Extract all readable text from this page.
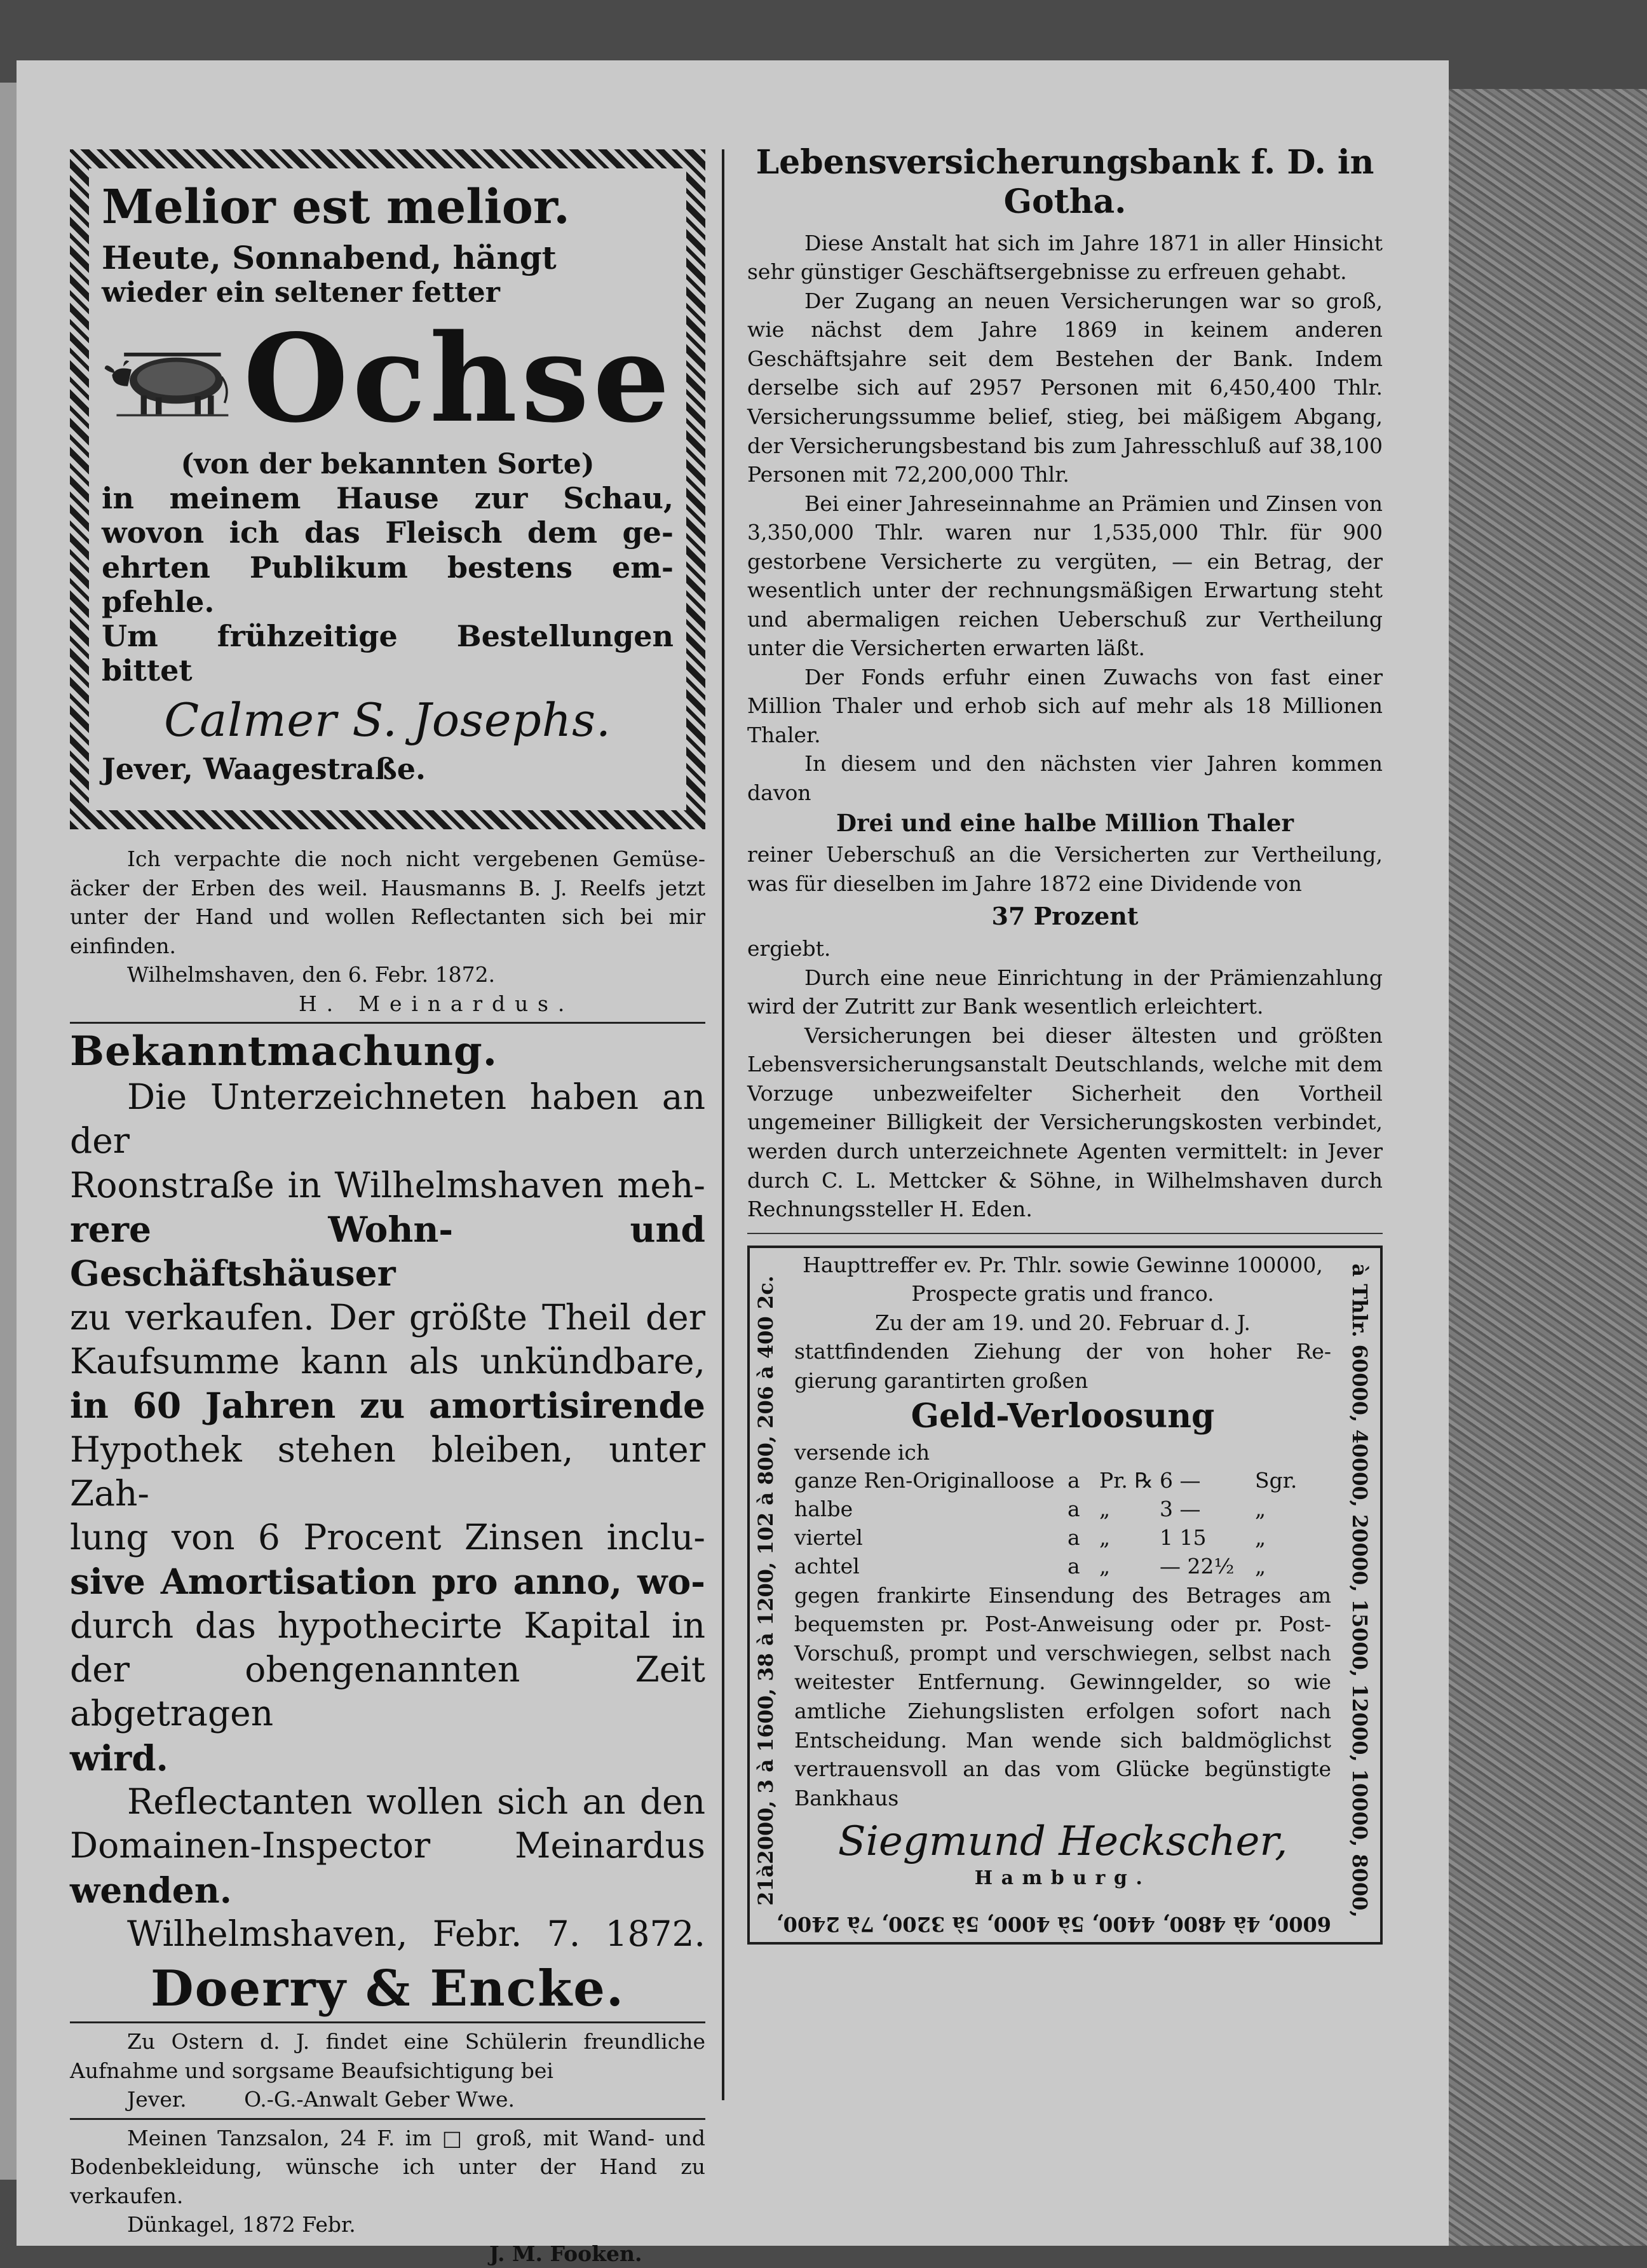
Melior est melior.

Heute, Sonnabend, hängt

wieder ein seltener fetter

Ochse

(von der bekannten Sorte)

in meinem Hause zur Schau,

wovon ich das Fleisch dem ge-

ehrten Publikum bestens em-

pfehle.

Um frühzeitige Bestellungen

bittet

Calmer S. Josephs.

Jever, Waagestraße.

Ich verpachte die noch nicht vergebenen Gemüse-äcker der Erben des weil. Hausmanns B. J. Reelfs jetzt unter der Hand und wollen Reflectanten sich bei mir einfinden.

Wilhelmshaven, den 6. Febr. 1872.

H. Meinardus.

Bekanntmachung.

Die Unterzeichneten haben an der

Roonstraße in Wilhelmshaven meh-

rere Wohn- und Geschäftshäuser

zu verkaufen. Der größte Theil der

Kaufsumme kann als unkündbare,

in 60 Jahren zu amortisirende

Hypothek stehen bleiben, unter Zah-

lung von 6 Procent Zinsen inclu-

sive Amortisation pro anno, wo-

durch das hypothecirte Kapital in

der obengenannten Zeit abgetragen

wird.

Reflectanten wollen sich an den

Domainen-Inspector Meinardus

wenden.

Wilhelmshaven, Febr. 7. 1872.

Doerry & Encke.

Zu Ostern d. J. findet eine Schülerin freundliche Aufnahme und sorgsame Beaufsichtigung bei

Jever.	O.-G.-Anwalt Geber Wwe.

Meinen Tanzsalon, 24 F. im □ groß, mit Wand- und Bodenbekleidung, wünsche ich unter der Hand zu verkaufen.

Dünkagel, 1872 Febr.

J. M. Fooken.

Lebensversicherungsbank f. D. in Gotha.

Diese Anstalt hat sich im Jahre 1871 in aller Hinsicht sehr günstiger Geschäftsergebnisse zu erfreuen gehabt.

Der Zugang an neuen Versicherungen war so groß, wie nächst dem Jahre 1869 in keinem anderen Geschäftsjahre seit dem Bestehen der Bank. Indem derselbe sich auf 2957 Personen mit 6,450,400 Thlr. Versicherungssumme belief, stieg, bei mäßigem Abgang, der Versicherungsbestand bis zum Jahresschluß auf 38,100 Personen mit 72,200,000 Thlr.

Bei einer Jahreseinnahme an Prämien und Zinsen von 3,350,000 Thlr. waren nur 1,535,000 Thlr. für 900 gestorbene Versicherte zu vergüten, — ein Betrag, der wesentlich unter der rechnungsmäßigen Erwartung steht und abermaligen reichen Ueberschuß zur Vertheilung unter die Versicherten erwarten läßt.

Der Fonds erfuhr einen Zuwachs von fast einer Million Thaler und erhob sich auf mehr als 18 Millionen Thaler.

In diesem und den nächsten vier Jahren kommen davon

Drei und eine halbe Million Thaler

reiner Ueberschuß an die Versicherten zur Vertheilung, was für dieselben im Jahre 1872 eine Dividende von

37 Prozent

ergiebt.

Durch eine neue Einrichtung in der Prämienzahlung wird der Zutritt zur Bank wesentlich erleichtert.

Versicherungen bei dieser ältesten und größten Lebensversicherungsanstalt Deutschlands, welche mit dem Vorzuge unbezweifelter Sicherheit den Vortheil ungemeiner Billigkeit der Versicherungskosten verbindet, werden durch unterzeichnete Agenten vermittelt: in Jever durch C. L. Mettcker & Söhne, in Wilhelmshaven durch Rechnungssteller H. Eden.

21à2000, 3 à 1600, 38 à 1200, 102 à 800, 206 à 400 2c.	à Thlr. 60000, 40000, 20000, 15000, 12000, 10000, 8000,
6000, 4à 4800, 4400, 5à 4000, 5à 3200, 7à 2400,

Haupttreffer ev. Pr. Thlr. sowie Gewinne 100000,

Prospecte gratis und franco.

Zu der am 19. und 20. Februar d. J.

stattfindenden Ziehung der von hoher Re-

gierung garantirten großen

Geld-Verloosung

versende ich

ganze Ren-Originalloose a Pr. ℞ 6 —	Sgr.
halbe	a „	3 —	„
viertel	a „	1 15	„
achtel	a „	— 22½ „

gegen frankirte Einsendung des Betrages am bequemsten pr. Post-Anweisung oder pr. Post-Vorschuß, prompt und verschwiegen, selbst nach weitester Entfernung. Gewinngelder, so wie amtliche Ziehungslisten erfolgen sofort nach Entscheidung. Man wende sich baldmöglichst vertrauensvoll an das vom Glücke begünstigte Bankhaus

Siegmund Heckscher,

Hamburg.
